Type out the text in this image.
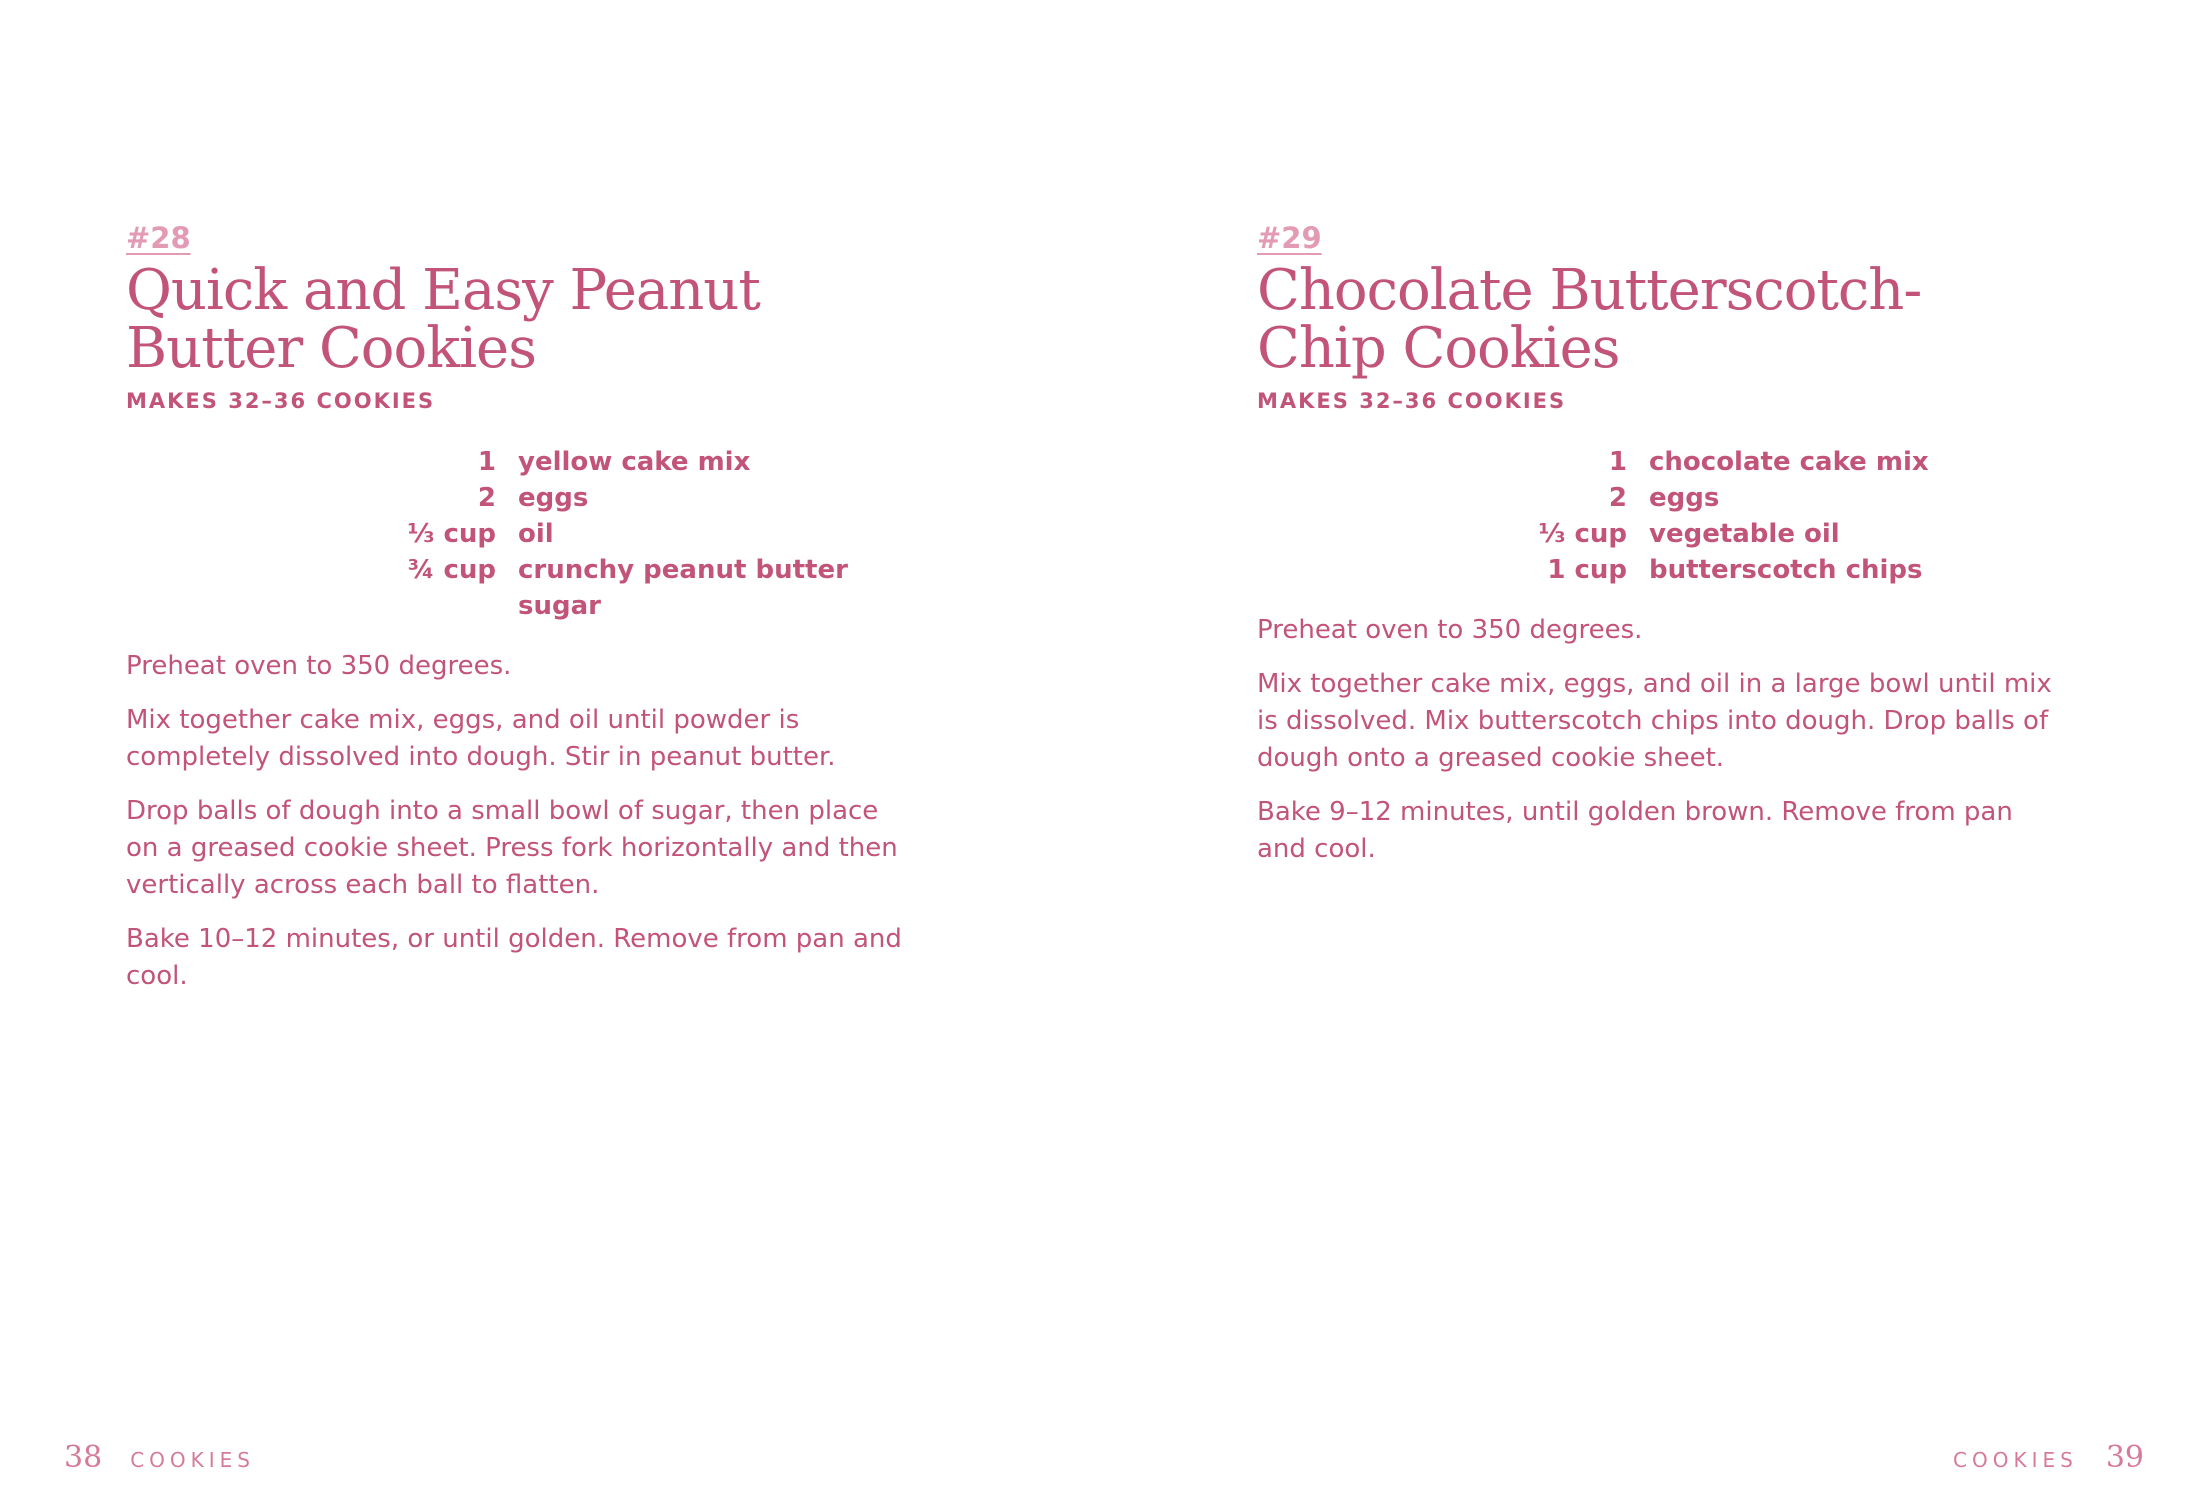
#28
Quick and Easy Peanut
Butter Cookies
MAKES 32–36 COOKIES
1 yellow cake mix
2 eggs
⅓ cup oil
¾ cup crunchy peanut butter
sugar

Preheat oven to 350 degrees.

Mix together cake mix, eggs, and oil until powder is completely dissolved into dough. Stir in peanut butter.

Drop balls of dough into a small bowl of sugar, then place on a greased cookie sheet. Press fork horizontally and then vertically across each ball to flatten.

Bake 10–12 minutes, or until golden. Remove from pan and cool.

38 COOKIES
#29
Chocolate Butterscotch-
Chip Cookies
MAKES 32–36 COOKIES
1 chocolate cake mix
2 eggs
⅓ cup vegetable oil
1 cup butterscotch chips

Preheat oven to 350 degrees.

Mix together cake mix, eggs, and oil in a large bowl until mix is dissolved. Mix butterscotch chips into dough. Drop balls of dough onto a greased cookie sheet.

Bake 9–12 minutes, until golden brown. Remove from pan and cool.

COOKIES 39
